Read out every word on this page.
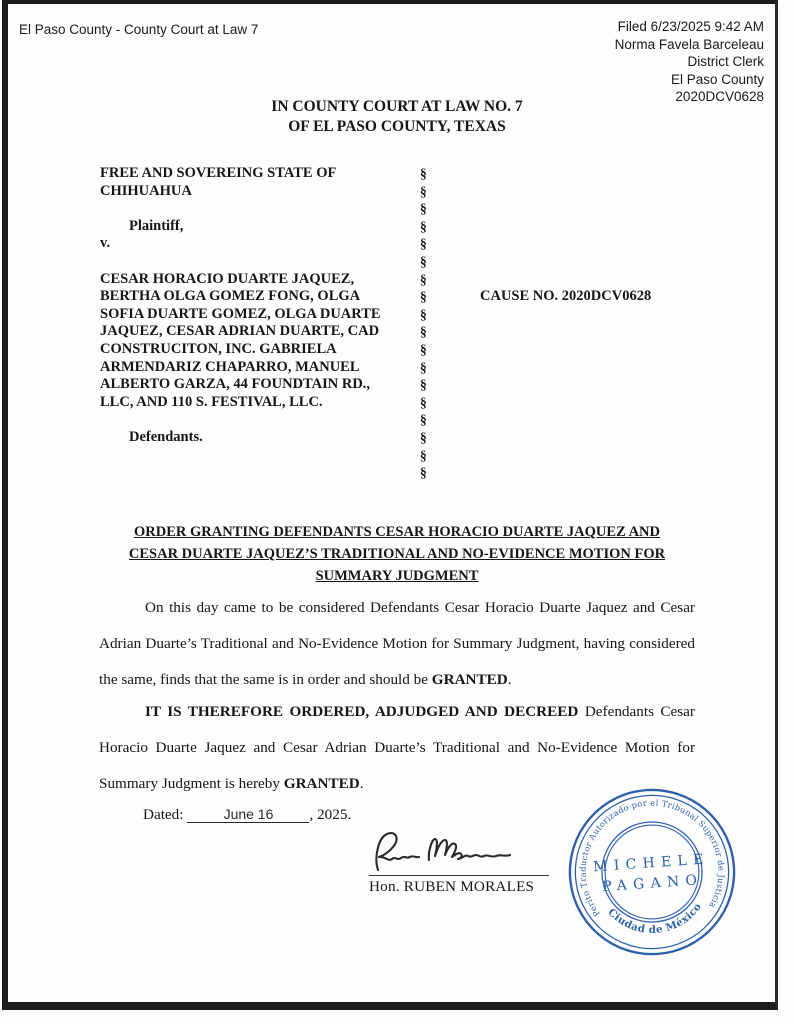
El Paso County - County Court at Law 7	Filed 6/23/2025 9:42 AM
Norma Favela Barceleau
District Clerk
El Paso County
2020DCV0628
IN COUNTY COURT AT LAW NO. 7
OF EL PASO COUNTY, TEXAS
FREE AND SOVEREING STATE OF
CHIHUAHUA

Plaintiff,
v.

CESAR HORACIO DUARTE JAQUEZ,
BERTHA OLGA GOMEZ FONG, OLGA
SOFIA DUARTE GOMEZ, OLGA DUARTE
JAQUEZ, CESAR ADRIAN DUARTE, CAD
CONSTRUCITON, INC. GABRIELA
ARMENDARIZ CHAPARRO, MANUEL
ALBERTO GARZA, 44 FOUNDTAIN RD.,
LLC, AND 110 S. FESTIVAL, LLC.

Defendants.

§
§
§
§
§
§
§
§
§
§
§
§
§
§
§
§
§
§
CAUSE NO. 2020DCV0628
ORDER GRANTING DEFENDANTS CESAR HORACIO DUARTE JAQUEZ AND
CESAR DUARTE JAQUEZ’S TRADITIONAL AND NO-EVIDENCE MOTION FOR
SUMMARY JUDGMENT

On this day came to be considered Defendants Cesar Horacio Duarte Jaquez and Cesar Adrian Duarte’s Traditional and No-Evidence Motion for Summary Judgment, having considered the same, finds that the same is in order and should be GRANTED.

IT IS THEREFORE ORDERED, ADJUDGED AND DECREED Defendants Cesar Horacio Duarte Jaquez and Cesar Adrian Duarte’s Traditional and No-Evidence Motion for Summary Judgment is hereby GRANTED.

Dated:	June 16 , 2025.
Hon. RUBEN MORALES
Perito Traductor Autorizado por el Tribunal Superior de Justicia
Ciudad de México
MICHELE
PAGANO
